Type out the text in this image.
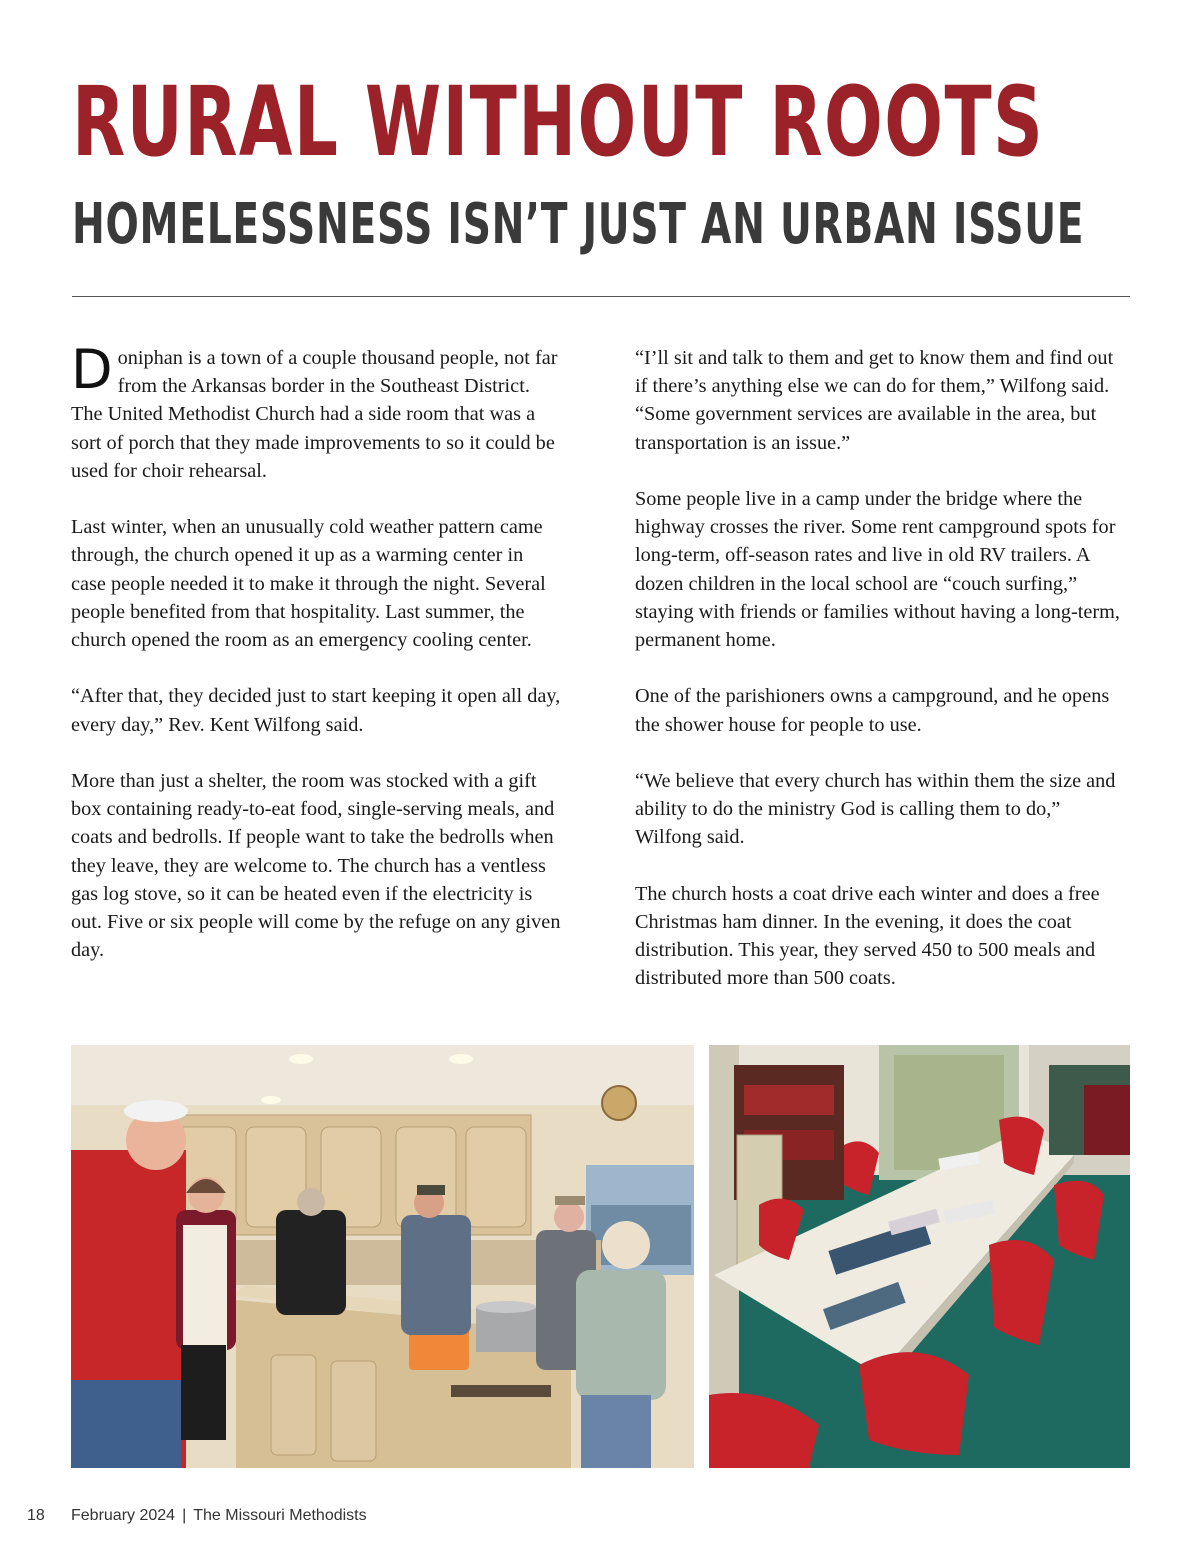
RURAL WITHOUT ROOTS
HOMELESSNESS ISN’T JUST AN URBAN ISSUE

Doniphan is a town of a couple thousand people, not far from the Arkansas border in the Southeast District. The United Methodist Church had a side room that was a sort of porch that they made improvements to so it could be used for choir rehearsal.

Last winter, when an unusually cold weather pattern came through, the church opened it up as a warming center in case people needed it to make it through the night. Several people benefited from that hospitality. Last summer, the church opened the room as an emergency cooling center.

“After that, they decided just to start keeping it open all day, every day,” Rev. Kent Wilfong said.

More than just a shelter, the room was stocked with a gift box containing ready-to-eat food, single-serving meals, and coats and bedrolls. If people want to take the bedrolls when they leave, they are welcome to. The church has a ventless gas log stove, so it can be heated even if the electricity is out. Five or six people will come by the refuge on any given day.

“I’ll sit and talk to them and get to know them and find out if there’s anything else we can do for them,” Wilfong said. “Some government services are available in the area, but transportation is an issue.”

Some people live in a camp under the bridge where the highway crosses the river. Some rent campground spots for long-term, off-season rates and live in old RV trailers. A dozen children in the local school are “couch surfing,” staying with friends or families without having a long-term, permanent home.

One of the parishioners owns a campground, and he opens the shower house for people to use.

“We believe that every church has within them the size and ability to do the ministry God is calling them to do,” Wilfong said.

The church hosts a coat drive each winter and does a free Christmas ham dinner. In the evening, it does the coat distribution. This year, they served 450 to 500 meals and distributed more than 500 coats.

18 February 2024 | The Missouri Methodists
